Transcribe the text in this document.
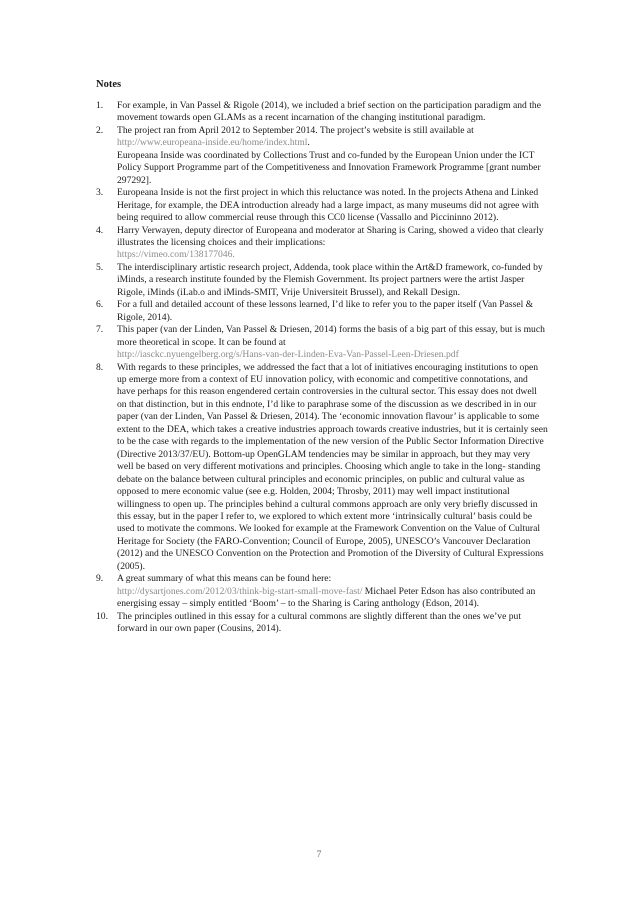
Notes
1. For example, in Van Passel & Rigole (2014), we included a brief section on the participation paradigm and the movement towards open GLAMs as a recent incarnation of the changing institutional paradigm.
2. The project ran from April 2012 to September 2014. The project’s website is still available at http://www.europeana-inside.eu/home/index.html.
Europeana Inside was coordinated by Collections Trust and co-funded by the European Union under the ICT Policy Support Programme part of the Competitiveness and Innovation Framework Programme [grant number 297292].
3. Europeana Inside is not the first project in which this reluctance was noted. In the projects Athena and Linked Heritage, for example, the DEA introduction already had a large impact, as many museums did not agree with being required to allow commercial reuse through this CC0 license (Vassallo and Piccininno 2012).
4. Harry Verwayen, deputy director of Europeana and moderator at Sharing is Caring, showed a video that clearly illustrates the licensing choices and their implications:
https://vimeo.com/138177046.
5. The interdisciplinary artistic research project, Addenda, took place within the Art&D framework, co-funded by iMinds, a research institute founded by the Flemish Government. Its project partners were the artist Jasper Rigole, iMinds (iLab.o and iMinds-SMIT, Vrije Universiteit Brussel), and Rekall Design.
6. For a full and detailed account of these lessons learned, I’d like to refer you to the paper itself (Van Passel & Rigole, 2014).
7. This paper (van der Linden, Van Passel & Driesen, 2014) forms the basis of a big part of this essay, but is much more theoretical in scope. It can be found at
http://iasckc.nyuengelberg.org/s/Hans-van-der-Linden-Eva-Van-Passel-Leen-Driesen.pdf
8. With regards to these principles, we addressed the fact that a lot of initiatives encouraging institutions to open up emerge more from a context of EU innovation policy, with economic and competitive connotations, and have perhaps for this reason engendered certain controversies in the cultural sector. This essay does not dwell on that distinction, but in this endnote, I’d like to paraphrase some of the discussion as we described in in our paper (van der Linden, Van Passel & Driesen, 2014). The ‘economic innovation flavour’ is applicable to some extent to the DEA, which takes a creative industries approach towards creative industries, but it is certainly seen to be the case with regards to the implementation of the new version of the Public Sector Information Directive (Directive 2013/37/EU). Bottom-up OpenGLAM tendencies may be similar in approach, but they may very well be based on very different motivations and principles. Choosing which angle to take in the long- standing debate on the balance between cultural principles and economic principles, on public and cultural value as opposed to mere economic value (see e.g. Holden, 2004; Throsby, 2011) may well impact institutional willingness to open up. The principles behind a cultural commons approach are only very briefly discussed in this essay, but in the paper I refer to, we explored to which extent more ‘intrinsically cultural’ basis could be used to motivate the commons. We looked for example at the Framework Convention on the Value of Cultural Heritage for Society (the FARO-Convention; Council of Europe, 2005), UNESCO’s Vancouver Declaration (2012) and the UNESCO Convention on the Protection and Promotion of the Diversity of Cultural Expressions (2005).
9. A great summary of what this means can be found here:
http://dysartjones.com/2012/03/think-big-start-small-move-fast/ Michael Peter Edson has also contributed an energising essay – simply entitled ‘Boom’ – to the Sharing is Caring anthology (Edson, 2014).
10. The principles outlined in this essay for a cultural commons are slightly different than the ones we’ve put forward in our own paper (Cousins, 2014).
7
